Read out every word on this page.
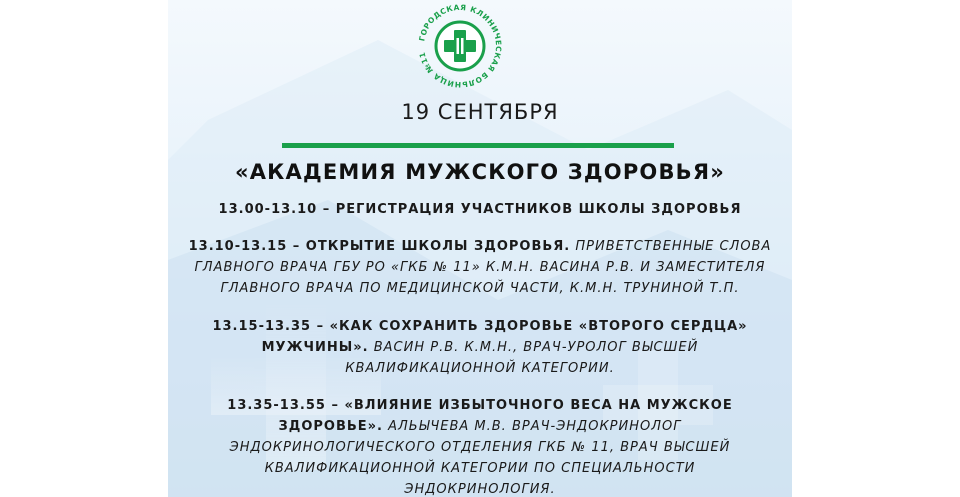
ГОРОДСКАЯ КЛИНИЧЕСКАЯ БОЛЬНИЦА №11
19 СЕНТЯБРЯ
«АКАДЕМИЯ МУЖСКОГО ЗДОРОВЬЯ»
13.00-13.10 – РЕГИСТРАЦИЯ УЧАСТНИКОВ ШКОЛЫ ЗДОРОВЬЯ
13.10-13.15 – ОТКРЫТИЕ ШКОЛЫ ЗДОРОВЬЯ. ПРИВЕТСТВЕННЫЕ СЛОВА
ГЛАВНОГО ВРАЧА ГБУ РО «ГКБ № 11» К.М.Н. ВАСИНА Р.В. И ЗАМЕСТИТЕЛЯ
ГЛАВНОГО ВРАЧА ПО МЕДИЦИНСКОЙ ЧАСТИ, К.М.Н. ТРУНИНОЙ Т.П.
13.15-13.35 – «КАК СОХРАНИТЬ ЗДОРОВЬЕ «ВТОРОГО СЕРДЦА»
МУЖЧИНЫ». ВАСИН Р.В. К.М.Н., ВРАЧ-УРОЛОГ ВЫСШЕЙ
КВАЛИФИКАЦИОННОЙ КАТЕГОРИИ.
13.35-13.55 – «ВЛИЯНИЕ ИЗБЫТОЧНОГО ВЕСА НА МУЖСКОЕ
ЗДОРОВЬЕ». АЛЬЫЧЕВА М.В. ВРАЧ-ЭНДОКРИНОЛОГ
ЭНДОКРИНОЛОГИЧЕСКОГО ОТДЕЛЕНИЯ ГКБ № 11, ВРАЧ ВЫСШЕЙ
КВАЛИФИКАЦИОННОЙ КАТЕГОРИИ ПО СПЕЦИАЛЬНОСТИ
ЭНДОКРИНОЛОГИЯ.
